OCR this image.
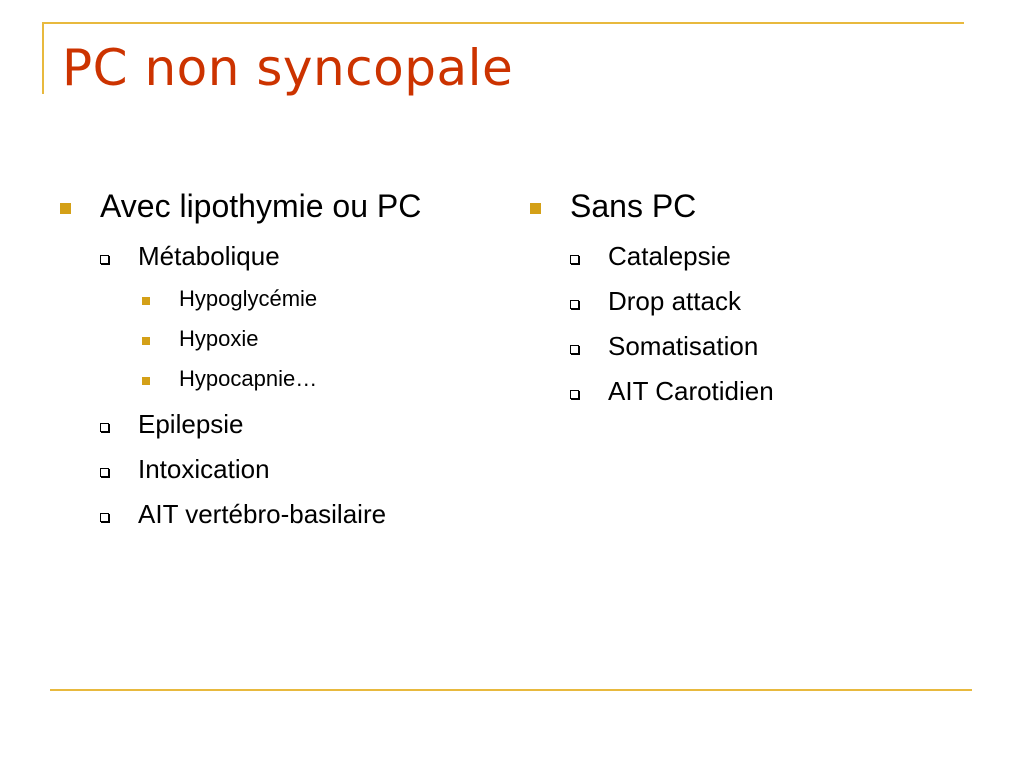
PC non syncopale
Avec lipothymie ou PC
Métabolique
Hypoglycémie
Hypoxie
Hypocapnie…
Epilepsie
Intoxication
AIT vertébro-basilaire
Sans PC
Catalepsie
Drop attack
Somatisation
AIT Carotidien
